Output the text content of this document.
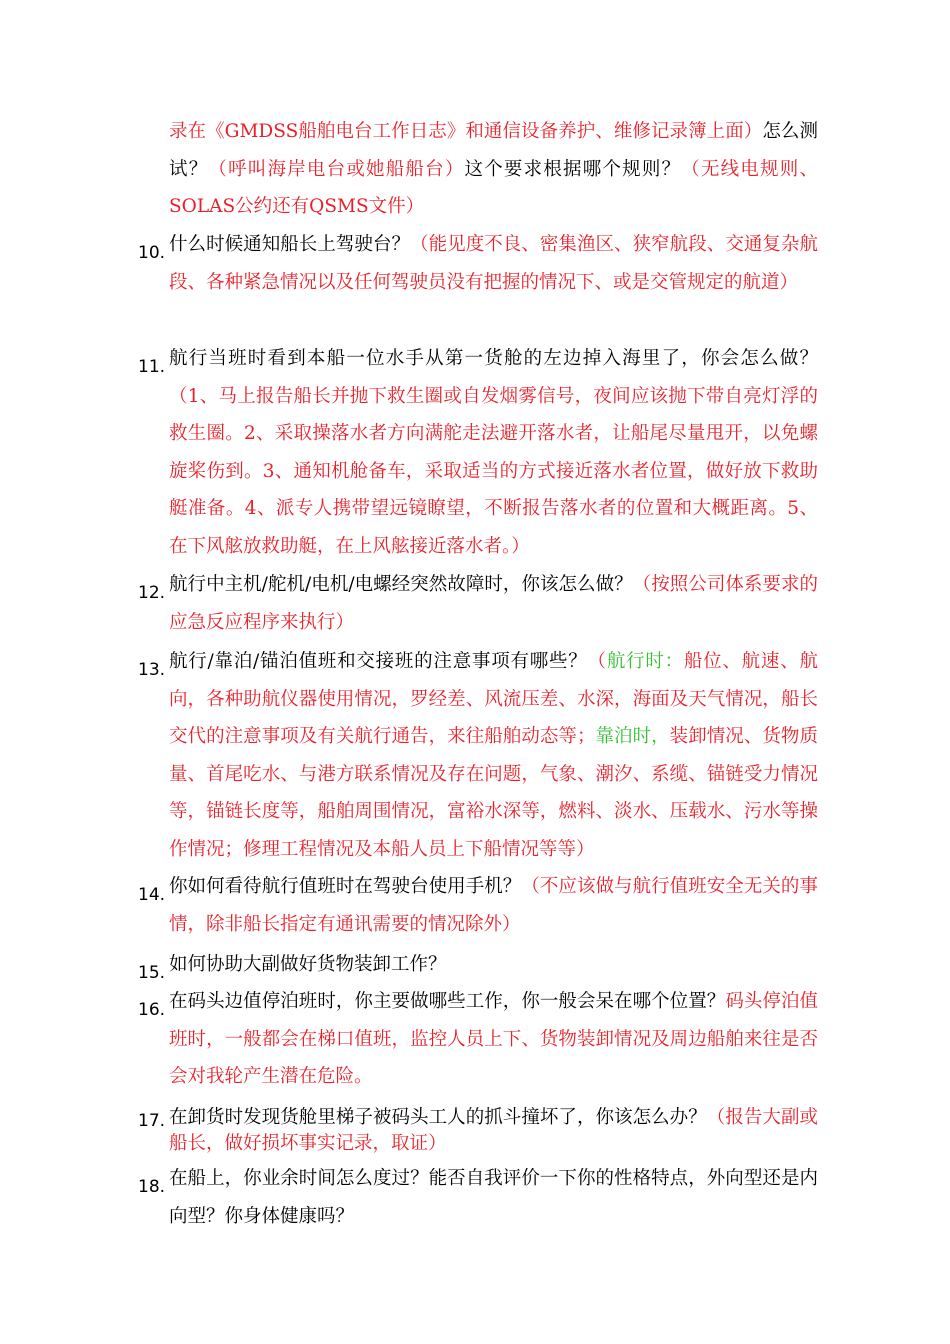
录在《GMDSS船舶电台工作日志》和通信设备养护、维修记录簿上面）怎么测试？（呼叫海岸电台或她船船台）这个要求根据哪个规则？（无线电规则、SOLAS公约还有QSMS文件）
10. 什么时候通知船长上驾驶台？（能见度不良、密集渔区、狭窄航段、交通复杂航段、各种紧急情况以及任何驾驶员没有把握的情况下、或是交管规定的航道）
11. 航行当班时看到本船一位水手从第一货舱的左边掉入海里了，你会怎么做？（1、马上报告船长并抛下救生圈或自发烟雾信号，夜间应该抛下带自亮灯浮的救生圈。2、采取操落水者方向满舵走法避开落水者，让船尾尽量甩开，以免螺旋桨伤到。3、通知机舱备车，采取适当的方式接近落水者位置，做好放下救助艇准备。4、派专人携带望远镜瞭望，不断报告落水者的位置和大概距离。5、在下风舷放救助艇，在上风舷接近落水者。）
12. 航行中主机/舵机/电机/电螺经突然故障时，你该怎么做？（按照公司体系要求的应急反应程序来执行）
13. 航行/靠泊/锚泊值班和交接班的注意事项有哪些？（航行时：船位、航速、航向，各种助航仪器使用情况，罗经差、风流压差、水深，海面及天气情况，船长交代的注意事项及有关航行通告，来往船舶动态等；靠泊时，装卸情况、货物质量、首尾吃水、与港方联系情况及存在问题，气象、潮汐、系缆、锚链受力情况等，锚链长度等，船舶周围情况，富裕水深等，燃料、淡水、压载水、污水等操作情况；修理工程情况及本船人员上下船情况等等）
14. 你如何看待航行值班时在驾驶台使用手机？（不应该做与航行值班安全无关的事情，除非船长指定有通讯需要的情况除外）
15. 如何协助大副做好货物装卸工作？
16. 在码头边值停泊班时，你主要做哪些工作，你一般会呆在哪个位置？码头停泊值班时，一般都会在梯口值班，监控人员上下、货物装卸情况及周边船舶来往是否会对我轮产生潜在危险。
17. 在卸货时发现货舱里梯子被码头工人的抓斗撞坏了，你该怎么办？（报告大副或船长，做好损坏事实记录，取证）
18. 在船上，你业余时间怎么度过？能否自我评价一下你的性格特点，外向型还是内向型？你身体健康吗？
